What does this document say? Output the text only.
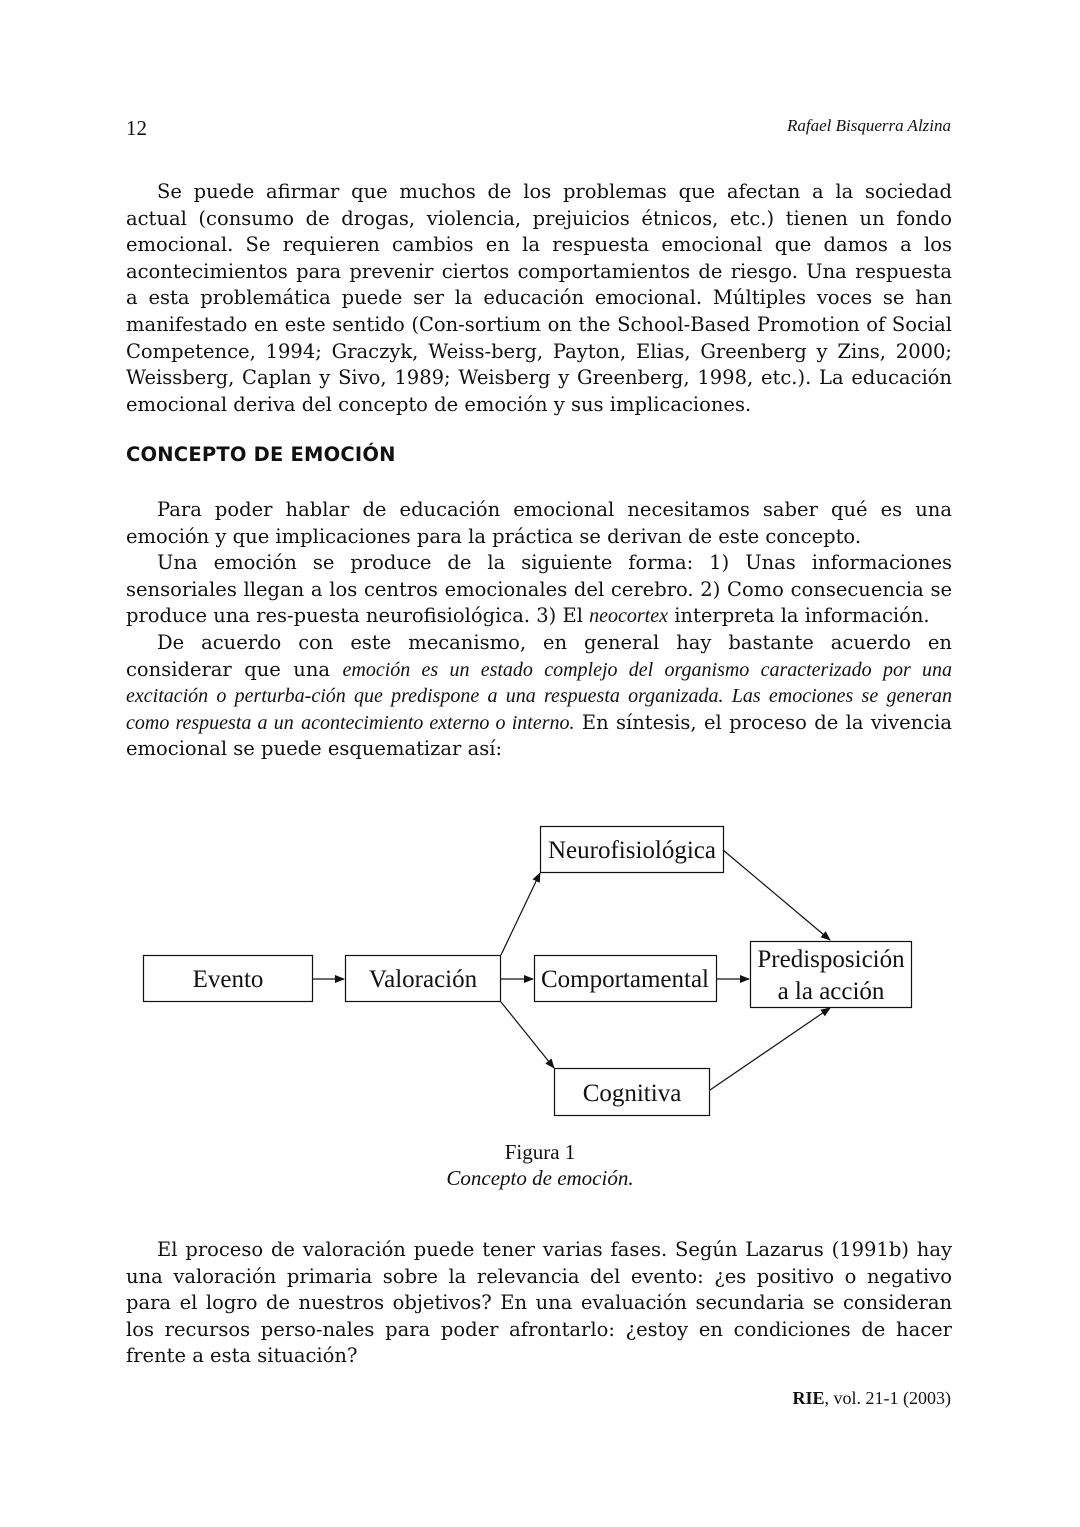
12	Rafael Bisquerra Alzina

Se puede afirmar que muchos de los problemas que afectan a la sociedad actual (consumo de drogas, violencia, prejuicios étnicos, etc.) tienen un fondo emocional. Se requieren cambios en la respuesta emocional que damos a los acontecimientos para prevenir ciertos comportamientos de riesgo. Una respuesta a esta problemática puede ser la educación emocional. Múltiples voces se han manifestado en este sentido (Con-sortium on the School-Based Promotion of Social Competence, 1994; Graczyk, Weiss-berg, Payton, Elias, Greenberg y Zins, 2000; Weissberg, Caplan y Sivo, 1989; Weisberg y Greenberg, 1998, etc.). La educación emocional deriva del concepto de emoción y sus implicaciones.

CONCEPTO DE EMOCIÓN

Para poder hablar de educación emocional necesitamos saber qué es una emoción y que implicaciones para la práctica se derivan de este concepto.

Una emoción se produce de la siguiente forma: 1) Unas informaciones sensoriales llegan a los centros emocionales del cerebro. 2) Como consecuencia se produce una res-puesta neurofisiológica. 3) El neocortex interpreta la información.

De acuerdo con este mecanismo, en general hay bastante acuerdo en considerar que una emoción es un estado complejo del organismo caracterizado por una excitación o perturba-ción que predispone a una respuesta organizada. Las emociones se generan como respuesta a un acontecimiento externo o interno. En síntesis, el proceso de la vivencia emocional se puede esquematizar así:

Evento	Valoración
Neurofisiológica
Comportamental
Cognitiva
Predisposición
a la acción
Figura 1
Concepto de emoción.

El proceso de valoración puede tener varias fases. Según Lazarus (1991b) hay una valoración primaria sobre la relevancia del evento: ¿es positivo o negativo para el logro de nuestros objetivos? En una evaluación secundaria se consideran los recursos perso-nales para poder afrontarlo: ¿estoy en condiciones de hacer frente a esta situación?

RIE, vol. 21-1 (2003)
